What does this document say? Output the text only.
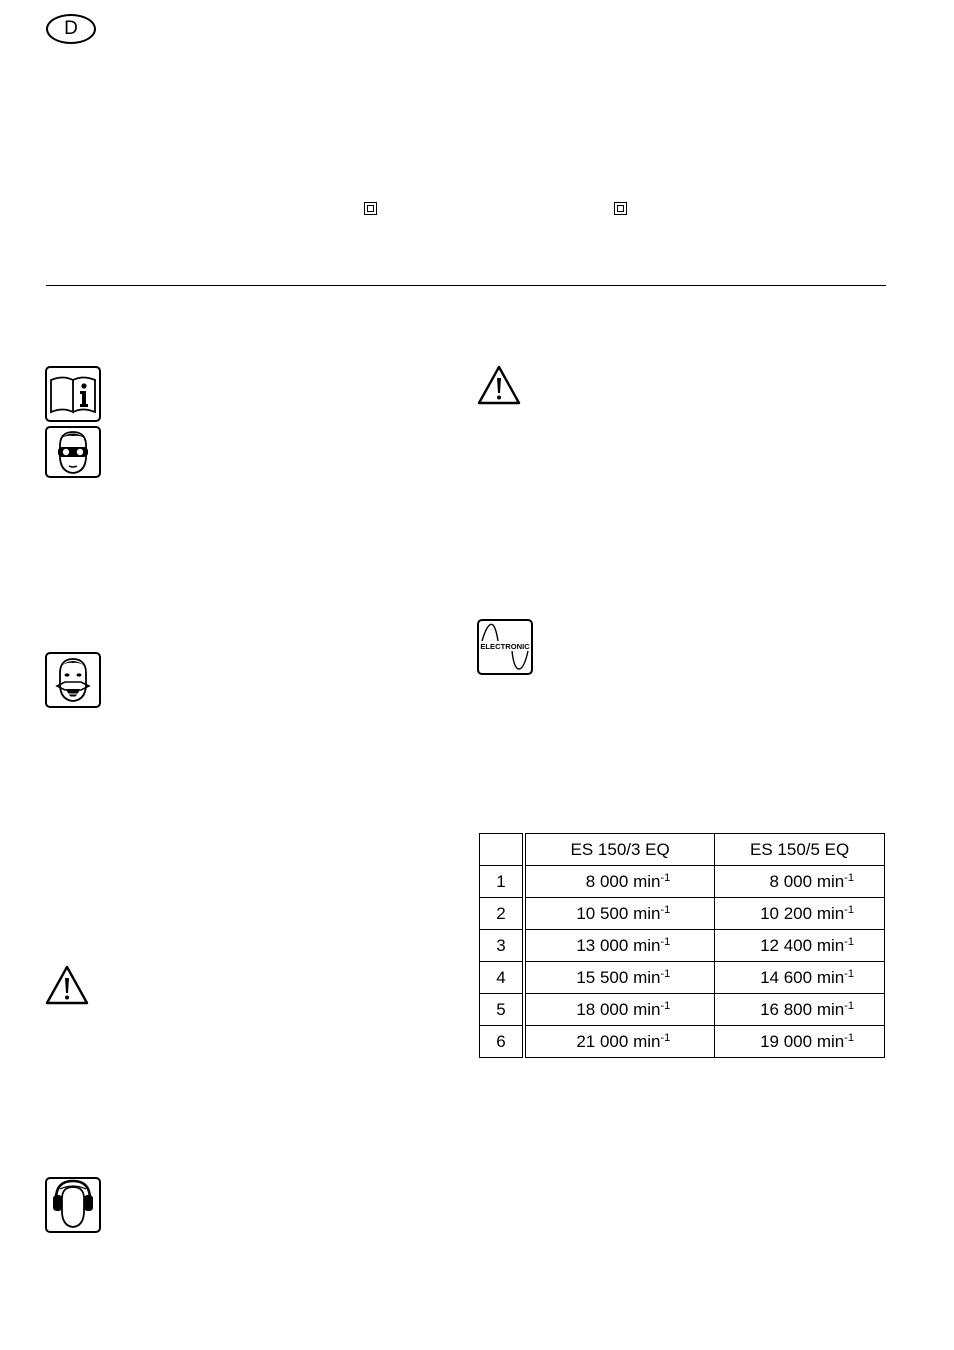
D
ELECTRONIC
	ES 150/3 EQ	ES 150/5 EQ
1	8 000 $\min^{-1}$	8 000 $\min^{-1}$
2	10 500 $\min^{-1}$	10 200 $\min^{-1}$
3	13 000 $\min^{-1}$	12 400 $\min^{-1}$
4	15 500 $\min^{-1}$	14 600 $\min^{-1}$
5	18 000 $\min^{-1}$	16 800 $\min^{-1}$
6	21 000 $\min^{-1}$	19 000 $\min^{-1}$
